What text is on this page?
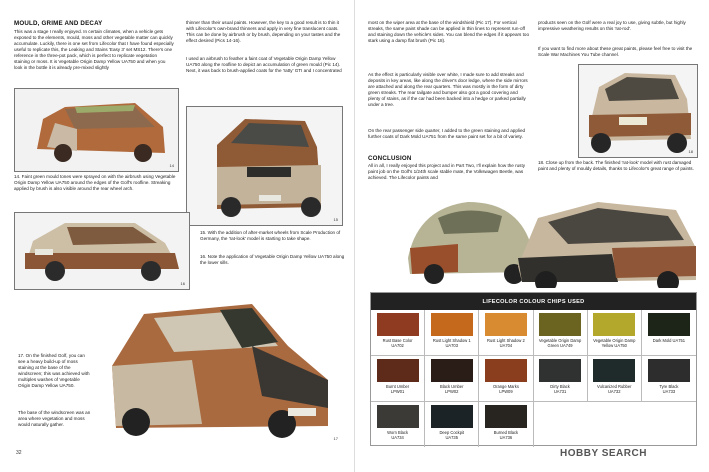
MOULD, GRIME AND DECAY
This was a stage I really enjoyed. In certain climates, when a vehicle gets exposed to the elements, mould, moss and other vegetable matter can quickly accumulate. Luckily, there is one set from Lifecolor that I have found especially useful to replicate this, the Leaking and Stains 'Easy 3' set MS12. There's one reference in the three-pot pack, which is perfect to replicate vegetation staining or moss. It is Vegetable Origin Damp Yellow UA750 and when you look in the bottle it is already pre-mixed slightly
thinner than their usual paints. However, the key to a good result is to thin it with Lifecolor's own-brand thinners and apply in very fine translucent coats. This can be done by airbrush or by brush, depending on your tastes and the effect desired (Pics 14-16).
I used an airbrush to feather a faint coat of Vegetable Origin Damp Yellow UA750 along the roofline to depict an accumulation of green mould (Pic 14). Next, it was back to brush-applied coats for the 'ratty' GTI and I concentrated
14
14. Faint green mould tones were sprayed on with the airbrush using Vegetable Origin Damp Yellow UA750 around the edges of the Golf's roofline. Streaking applied by brush is also visible around the rear wheel arch.
15
16
15. With the addition of after-market wheels from Scale Production of Germany, the 'rat-look' model is starting to take shape.
16. Note the application of Vegetable Origin Damp Yellow UA750 along the lower sills.
17
17. On the finished Golf, you can see a heavy build-up of moss staining at the base of the windscreen; this was achieved with multiples washes of Vegetable Origin Damp Yellow UA750.
The base of the windscreen was an area where vegetation and moss would naturally gather.
32
most on the wiper area at the base of the windshield (Pic 17). For vertical streaks, the same paint shade can be applied in thin lines to represent run-off and staining down the vehicle's sides. You can blend the edges if it appears too stark using a damp flat brush (Pic 18).
As the effect is particularly visible over white, I made sure to add streaks and deposits in key areas, like along the driver's door ledge, where the side mirrors are attached and along the rear quarters. This was mostly in the form of dirty green streaks. The rear tailgate and bumper also got a good covering and plenty of stains, as if the car had been backed into a hedge or parked partially under a tree.
On the rear passenger side quarter, I added to the green staining and applied further coats of Dark Mold UA751 from the same paint set for a bit of variety.
CONCLUSION
All in all, I really enjoyed this project and in Part Two, I'll explain how the rusty paint job on the Golf's 1/24th scale stable mate, the Volkswagen Beetle, was achieved. The Lifecolor paints and
products seen on the Golf were a real joy to use, giving subtle, but highly impressive weathering results on this 'rat-rod'.
If you want to find more about these great paints, please feel free to visit the Scale War Machines You Tube channel.
18
18. Close up from the back. The finished 'rat-look' model with rust damaged paint and plenty of mouldy details, thanks to Lifecolor's great range of paints.
LIFECOLOR COLOUR CHIPS USED
Rust Base Color
UA702
Rust Light Shadow 1 UA703
Rust Light Shadow 2 UA704
Vegetable Origin Damp Green UA749
Vegetable Origin Damp Yellow UA750
Dark Mold UA751
Burnt Umber
LPW01
Black Umber
LPW02
Orange Marks
LPW09
Dirty Black
UA731
Vulcanized Rubber
UA732
Tyre Black
UA733
Worn Black
UA734
Deep Cockpit
UA735
Burned Black
UA736
HOBBY SEARCH
